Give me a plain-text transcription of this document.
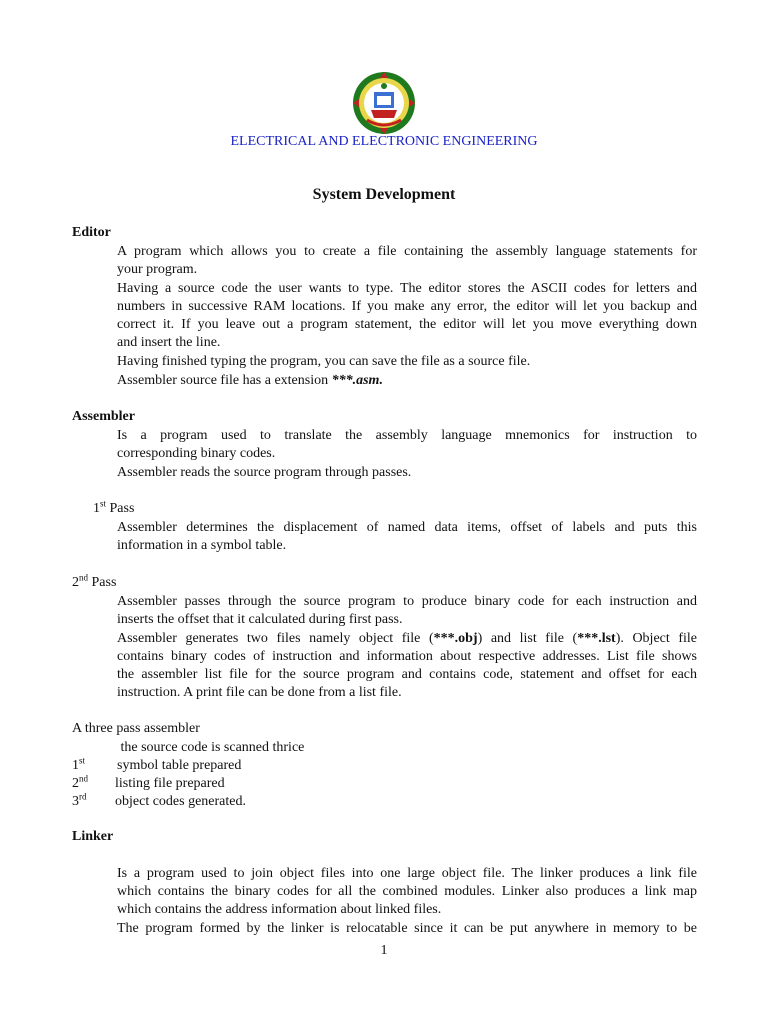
ELECTRICAL AND ELECTRONIC ENGINEERING
System Development
Editor
A program which allows you to create a file containing the assembly language statements for
your program.
Having a source code the user wants to type. The editor stores the ASCII codes for letters and
numbers in successive RAM locations. If you make any error, the editor will let you backup and
correct it. If you leave out a program statement, the editor will let you move everything down
and insert the line.
Having finished typing the program, you can save the file as a source file.
Assembler source file has a extension ***.asm.
Assembler
Is a program used to translate the assembly language mnemonics for instruction to
corresponding binary codes.
Assembler reads the source program through passes.
1st Pass
Assembler determines the displacement of named data items, offset of labels and puts this
information in a symbol table.
2nd Pass
Assembler passes through the source program to produce binary code for each instruction and
inserts the offset that it calculated during first pass.
Assembler generates two files namely object file (***.obj) and list file (***.lst). Object file
contains binary codes of instruction and information about respective addresses. List file shows
the assembler list file for the source program and contains code, statement and offset for each
instruction. A print file can be done from a list file.
A three pass assembler
the source code is scanned thrice
1st symbol table prepared
2nd listing file prepared
3rd object codes generated.
Linker
Is a program used to join object files into one large object file. The linker produces a link file
which contains the binary codes for all the combined modules. Linker also produces a link map
which contains the address information about linked files.
The program formed by the linker is relocatable since it can be put anywhere in memory to be
1
